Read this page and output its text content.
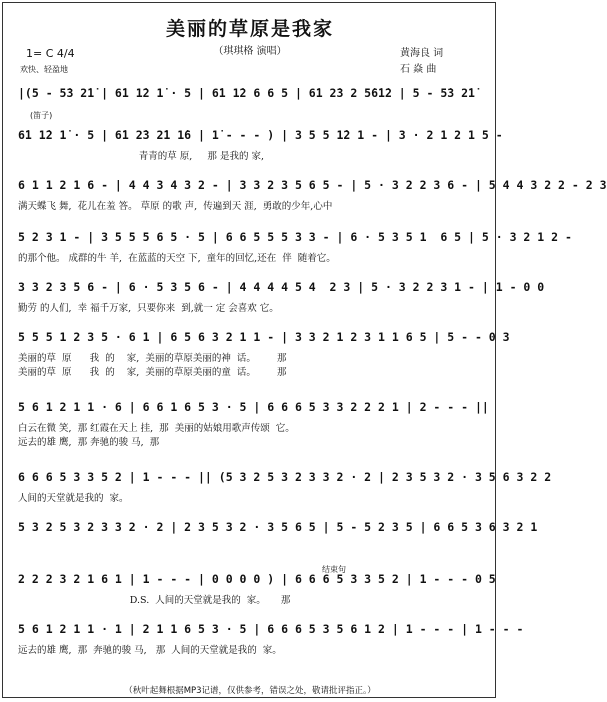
美丽的草原是我家
（琪琪格 演唱）	黄海良 词
石 焱 曲
1= C 4/4
欢快、轻盈地
|(5 - 5̇3 2̇1̇ | 6̇1 1̇2 1̇ · 5 | 6̇1 1̇2 6 6 5 | 6̇1 2̇3 2 5̇6̇1̇2 | 5 - 5̇3 2̇1̇
6̇1 1̇2 1̇ · 5 | 6̇1 2̇3 2̇1 1̇6 | 1̇ - - - ) | 3 5 5 1̇2 1 - | 3 · 2 1 2 1 5 -
青青的草 原,     那 是我的 家,
6 1 1 2 1 6 - | 4 4 3 4 3 2 - | 3 3 2 3 5 6 5 - | 5 · 3 2 2 3 6 - | 5 4 4 3 2 2 - 2 3
满天蝶飞 舞,  花儿在羞 答。 草原 的歌 声,  传遍到天 涯,  勇敢的少年,心中
5 2 3 1 - | 3 5 5 5 6 5 · 5 | 6 6 5 5 5 3 3 - | 6 · 5 3 5 1  6 5 | 5 · 3 2 1 2 -
的那个他。 成群的牛 羊,  在蓝蓝的天空 下,  童年的回忆,还在  伴  随着它。
3 3 2 3 5 6 - | 6 · 5 3 5 6 - | 4 4 4 4 5 4  2 3 | 5 · 3 2 2 3 1 - | 1 - 0 0
勤劳 的人们,  幸 福千万家,  只要你来  到,就一 定 会喜欢 它。
5 5 5 1 2 3 5 · 6 1 | 6 5 6 3 2 1 1 - | 3 3 2 1 2 3 1 1 6 5 | 5 - - 0 3
美丽的草  原      我  的    家,  美丽的草原美丽的神  话。       那
美丽的草  原      我  的    家,  美丽的草原美丽的童  话。       那
5 6 1 2 1 1 · 6 | 6 6 1 6 5 3 · 5 | 6 6 6 5 3 3 2 2 2 1 | 2 - - - ||
白云在微 笑,  那 红霞在天上 挂,  那  美丽的姑娘用歌声传颂  它。
远去的雄 鹰,  那 奔驰的骏 马,  那
6 6 6 5 3 3 5 2 | 1 - - - || (5 3 2 5 3 2 3 3 2 · 2 | 2 3 5 3 2 · 3 5 6 3 2 2
人间的天堂就是我的  家。
5 3 2 5 3 2 3 3 2 · 2 | 2 3 5 3 2 · 3 5 6 5 | 5 - 5 2 3 5 | 6 6 5 3 6 3 2 1
2 2 2 3 2 1 6 1 | 1 - - - | 0 0 0 0 ) | 6 6 6 5 3 3 5 2 | 1 - - - 0 5
D.S.  人间的天堂就是我的  家。     那
5 6 1 2 1 1 · 1 | 2 1 1 6 5 3 · 5 | 6 6 6 5 3 5 6 1 2 | 1 - - - | 1 - - -
远去的雄 鹰,  那  奔驰的骏 马,   那  人间的天堂就是我的  家。
(笛子)
结束句
（秋叶起舞根据MP3记谱，仅供参考，错误之处，敬请批评指正。）
